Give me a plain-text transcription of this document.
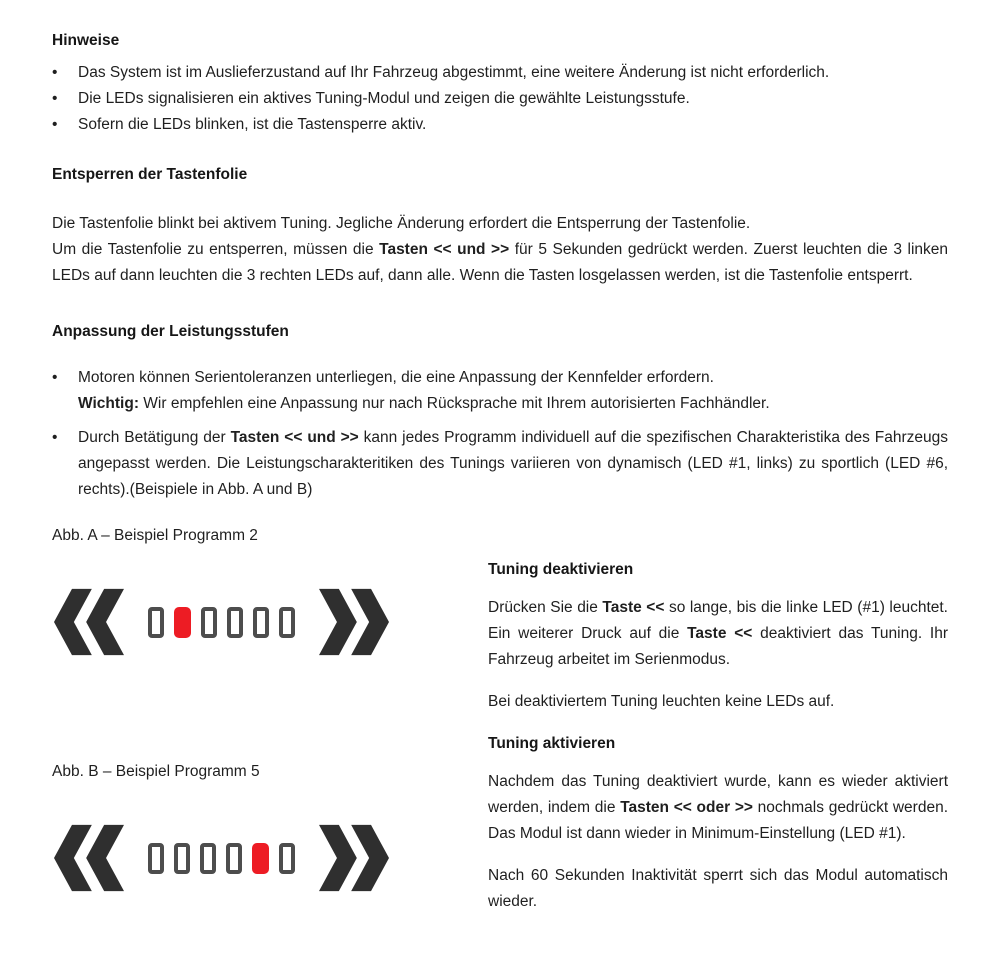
Hinweise
•	Das System ist im Auslieferzustand auf Ihr Fahrzeug abgestimmt, eine weitere Änderung ist nicht erforderlich.
•	Die LEDs signalisieren ein aktives Tuning-Modul und zeigen die gewählte Leistungsstufe.
•	Sofern die LEDs blinken, ist die Tastensperre aktiv.
Entsperren der Tastenfolie

Die Tastenfolie blinkt bei aktivem Tuning. Jegliche Änderung erfordert die Entsperrung der Tastenfolie.

Um die Tastenfolie zu entsperren, müssen die Tasten << und >> für 5 Sekunden gedrückt werden. Zuerst leuchten die 3 linken LEDs auf dann leuchten die 3 rechten LEDs auf, dann alle. Wenn die Tasten losgelassen werden, ist die Tastenfolie entsperrt.

Anpassung der Leistungsstufen
•	Motoren können Serientoleranzen unterliegen, die eine Anpassung der Kennfelder erfordern.
Wichtig: Wir empfehlen eine Anpassung nur nach Rücksprache mit Ihrem autorisierten Fachhändler.
•	Durch Betätigung der Tasten << und >> kann jedes Programm individuell auf die spezifischen Charakteristika des Fahrzeugs angepasst werden. Die Leistungscharakteritiken des Tunings variieren von dynamisch (LED #1, links) zu sportlich (LED #6, rechts).(Beispiele in Abb. A und B)
Abb. A – Beispiel Programm 2
Abb. B – Beispiel Programm 5
Tuning deaktivieren

Drücken Sie die Taste << so lange, bis die linke LED (#1) leuchtet. Ein weiterer Druck auf die Taste << deaktiviert das Tuning. Ihr Fahrzeug arbeitet im Serienmodus.

Bei deaktiviertem Tuning leuchten keine LEDs auf.

Tuning aktivieren

Nachdem das Tuning deaktiviert wurde, kann es wieder aktiviert werden, indem die Tasten << oder >> nochmals gedrückt werden. Das Modul ist dann wieder in Minimum-Einstellung (LED #1).

Nach 60 Sekunden Inaktivität sperrt sich das Modul automatisch wieder.
